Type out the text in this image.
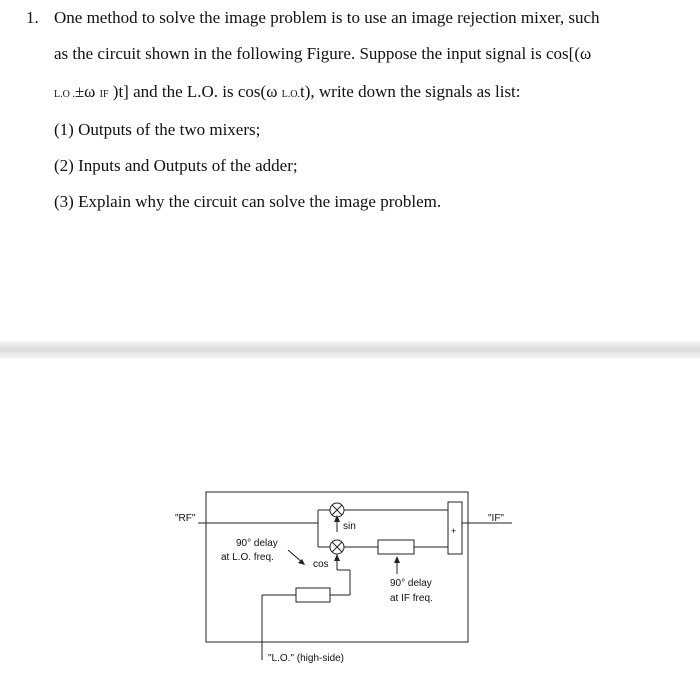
1. One method to solve the image problem is to use an image rejection mixer, such
as the circuit shown in the following Figure. Suppose the input signal is cos[(ω
L.O .±ω IF )t] and the L.O. is cos(ω L.O.t), write down the signals as list:
(1) Outputs of the two mixers;
(2) Inputs and Outputs of the adder;
(3) Explain why the circuit can solve the image problem.
"RF"	"IF"
+
sin
cos
90° delay
at L.O. freq.
90° delay
at IF freq.
"L.O." (high-side)
